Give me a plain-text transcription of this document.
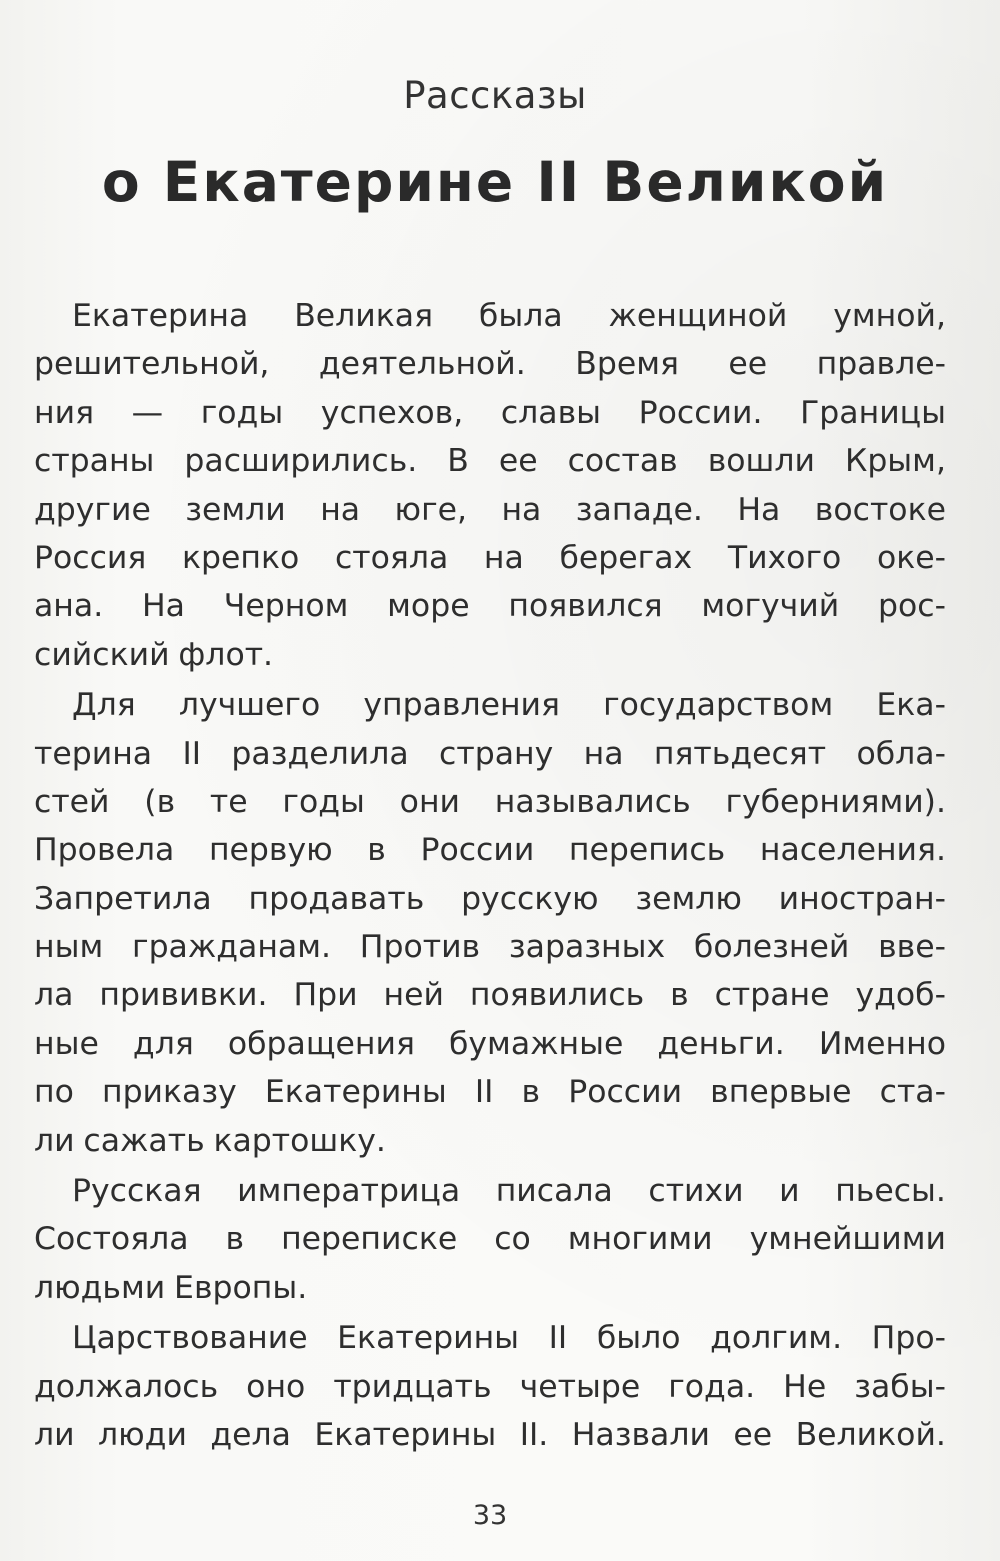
Рассказы
о Екатерине II Великой
Екатерина Великая была женщиной умной,
решительной, деятельной. Время ее правле-
ния — годы успехов, славы России. Границы
страны расширились. В ее состав вошли Крым,
другие земли на юге, на западе. На востоке
Россия крепко стояла на берегах Тихого оке-
ана. На Черном море появился могучий рос-
сийский флот.
Для лучшего управления государством Ека-
терина II разделила страну на пятьдесят обла-
стей (в те годы они назывались губерниями).
Провела первую в России перепись населения.
Запретила продавать русскую землю иностран-
ным гражданам. Против заразных болезней вве-
ла прививки. При ней появились в стране удоб-
ные для обращения бумажные деньги. Именно
по приказу Екатерины II в России впервые ста-
ли сажать картошку.
Русская императрица писала стихи и пьесы.
Состояла в переписке со многими умнейшими
людьми Европы.
Царствование Екатерины II было долгим. Про-
должалось оно тридцать четыре года. Не забы-
ли люди дела Екатерины II. Назвали ее Великой.
33
